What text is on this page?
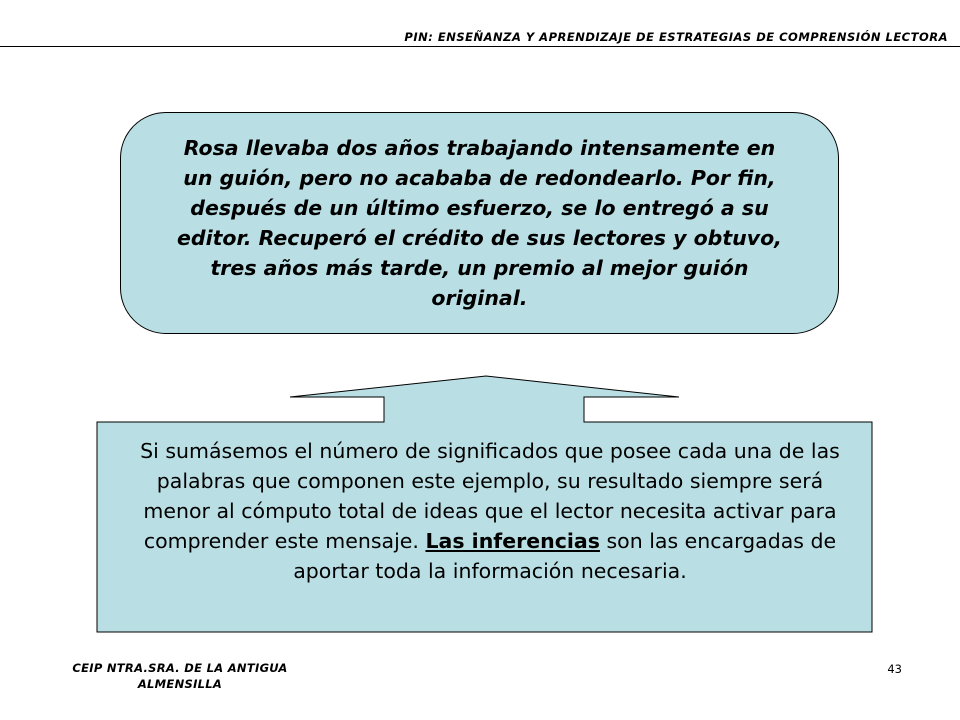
PIN: ENSEÑANZA Y APRENDIZAJE DE ESTRATEGIAS DE COMPRENSIÓN LECTORA
Rosa llevaba dos años trabajando intensamente en un guión, pero no acababa de redondearlo. Por fin, después de un último esfuerzo, se lo entregó a su editor. Recuperó el crédito de sus lectores y obtuvo, tres años más tarde, un premio al mejor guión original.
Si sumásemos el número de significados que posee cada una de las palabras que componen este ejemplo, su resultado siempre será menor al cómputo total de ideas que el lector necesita activar para comprender este mensaje. Las inferencias son las encargadas de aportar toda la información necesaria.
CEIP NTRA.SRA. DE LA ANTIGUA
ALMENSILLA
43
